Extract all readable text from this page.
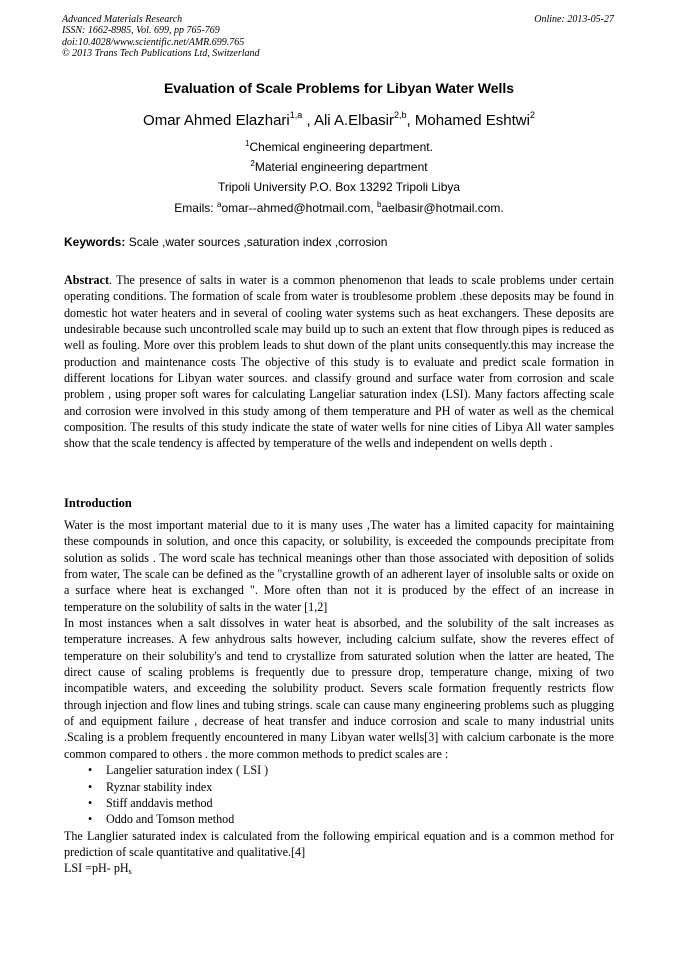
Advanced Materials Research
ISSN: 1662-8985, Vol. 699, pp 765-769
doi:10.4028/www.scientific.net/AMR.699.765
© 2013 Trans Tech Publications Ltd, Switzerland
Online: 2013-05-27
Evaluation of Scale Problems for Libyan Water Wells
Omar Ahmed Elazhari$^{1,a}$ , Ali A.Elbasir$^{2,b}$, Mohamed Eshtwi$^2$
$^1$Chemical engineering department.
$^2$Material engineering department
Tripoli University P.O. Box 13292 Tripoli Libya
Emails: $^a$omar--ahmed@hotmail.com, $^b$aelbasir@hotmail.com.
Keywords: Scale ,water sources ,saturation index ,corrosion

Abstract. The presence of salts in water is a common phenomenon that leads to scale problems under certain operating conditions. The formation of scale from water is troublesome problem .these deposits may be found in domestic hot water heaters and in several of cooling water systems such as heat exchangers. These deposits are undesirable because such uncontrolled scale may build up to such an extent that flow through pipes is reduced as well as fouling. More over this problem leads to shut down of the plant units consequently.this may increase the production and maintenance costs The objective of this study is to evaluate and predict scale formation in different locations for Libyan water sources. and classify ground and surface water from corrosion and scale problem , using proper soft wares for calculating Langeliar saturation index (LSI). Many factors affecting scale and corrosion were involved in this study among of them temperature and PH of water as well as the chemical composition. The results of this study indicate the state of water wells for nine cities of Libya All water samples show that the scale tendency is affected by temperature of the wells and independent on wells depth .

Introduction

Water is the most important material due to it is many uses ,The water has a limited capacity for maintaining these compounds in solution, and once this capacity, or solubility, is exceeded the compounds precipitate from solution as solids . The word scale has technical meanings other than those associated with deposition of solids from water, The scale can be defined as the "crystalline growth of an adherent layer of insoluble salts or oxide on a surface where heat is exchanged ". More often than not it is produced by the effect of an increase in temperature on the solubility of salts in the water [1,2]

In most instances when a salt dissolves in water heat is absorbed, and the solubility of the salt increases as temperature increases. A few anhydrous salts however, including calcium sulfate, show the reveres effect of temperature on their solubility's and tend to crystallize from saturated solution when the latter are heated, The direct cause of scaling problems is frequently due to pressure drop, temperature change, mixing of two incompatible waters, and exceeding the solubility product. Severs scale formation frequently restricts flow through injection and flow lines and tubing strings. scale can cause many engineering problems such as plugging of and equipment failure , decrease of heat transfer and induce corrosion and scale to many industrial units .Scaling is a problem frequently encountered in many Libyan water wells[3] with calcium carbonate is the more common compared to others . the more common methods to predict scales are :

• Langelier saturation index ( LSI )
• Ryznar stability index
• Stiff anddavis method
• Oddo and Tomson method

The Langlier saturated index is calculated from the following empirical equation and is a common method for prediction of scale quantitative and qualitative.[4]

LSI =pH- $pH_s$
